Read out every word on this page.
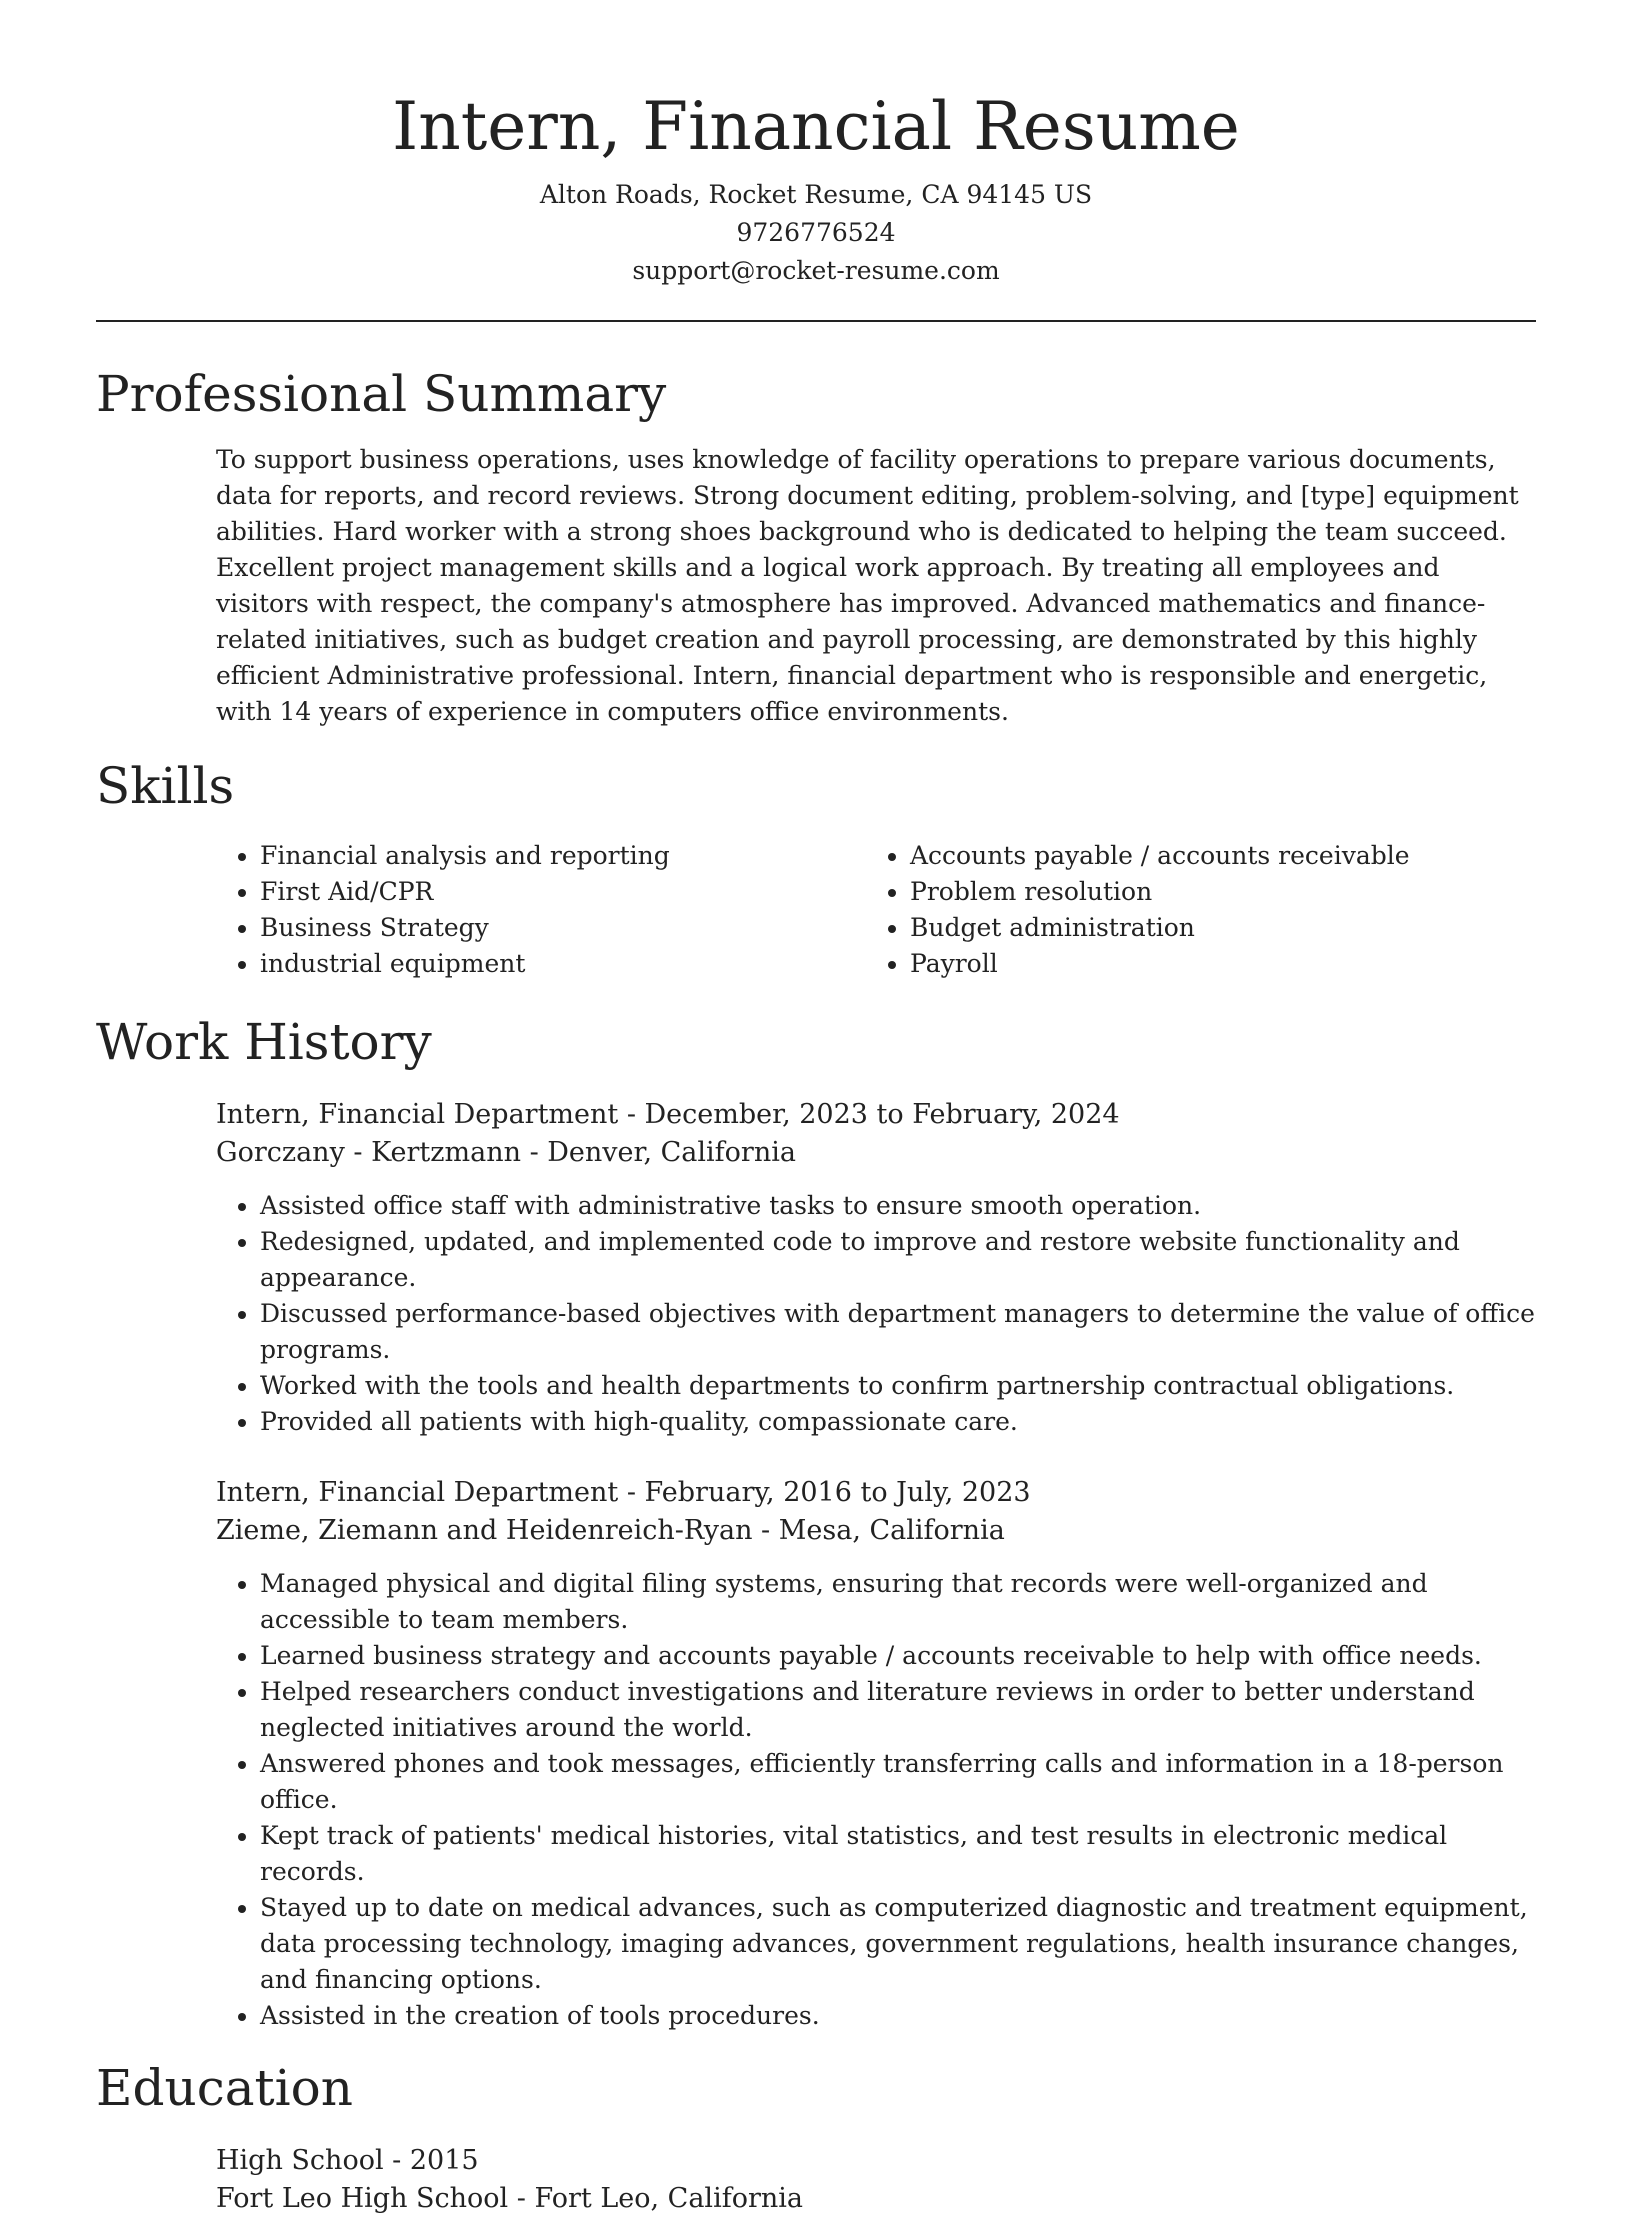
Intern, Financial Resume
Alton Roads, Rocket Resume, CA 94145 US
9726776524
support@rocket-resume.com
Professional Summary

To support business operations, uses knowledge of facility operations to prepare various documents, data for reports, and record reviews. Strong document editing, problem-solving, and [type] equipment abilities. Hard worker with a strong shoes background who is dedicated to helping the team succeed. Excellent project management skills and a logical work approach. By treating all employees and visitors with respect, the company's atmosphere has improved. Advanced mathematics and finance-related initiatives, such as budget creation and payroll processing, are demonstrated by this highly efficient Administrative professional. Intern, financial department who is responsible and energetic, with 14 years of experience in computers office environments.

Skills
• Financial analysis and reporting
• First Aid/CPR
• Business Strategy
• industrial equipment
• Accounts payable / accounts receivable
• Problem resolution
• Budget administration
• Payroll
Work History
Intern, Financial Department - December, 2023 to February, 2024
Gorczany - Kertzmann - Denver, California
• Assisted office staff with administrative tasks to ensure smooth operation.
• Redesigned, updated, and implemented code to improve and restore website functionality and appearance.
• Discussed performance-based objectives with department managers to determine the value of office programs.
• Worked with the tools and health departments to confirm partnership contractual obligations.
• Provided all patients with high-quality, compassionate care.
Intern, Financial Department - February, 2016 to July, 2023
Zieme, Ziemann and Heidenreich-Ryan - Mesa, California
• Managed physical and digital filing systems, ensuring that records were well-organized and accessible to team members.
• Learned business strategy and accounts payable / accounts receivable to help with office needs.
• Helped researchers conduct investigations and literature reviews in order to better understand neglected initiatives around the world.
• Answered phones and took messages, efficiently transferring calls and information in a 18-person office.
• Kept track of patients' medical histories, vital statistics, and test results in electronic medical records.
• Stayed up to date on medical advances, such as computerized diagnostic and treatment equipment, data processing technology, imaging advances, government regulations, health insurance changes, and financing options.
• Assisted in the creation of tools procedures.
Education
High School - 2015
Fort Leo High School - Fort Leo, California
